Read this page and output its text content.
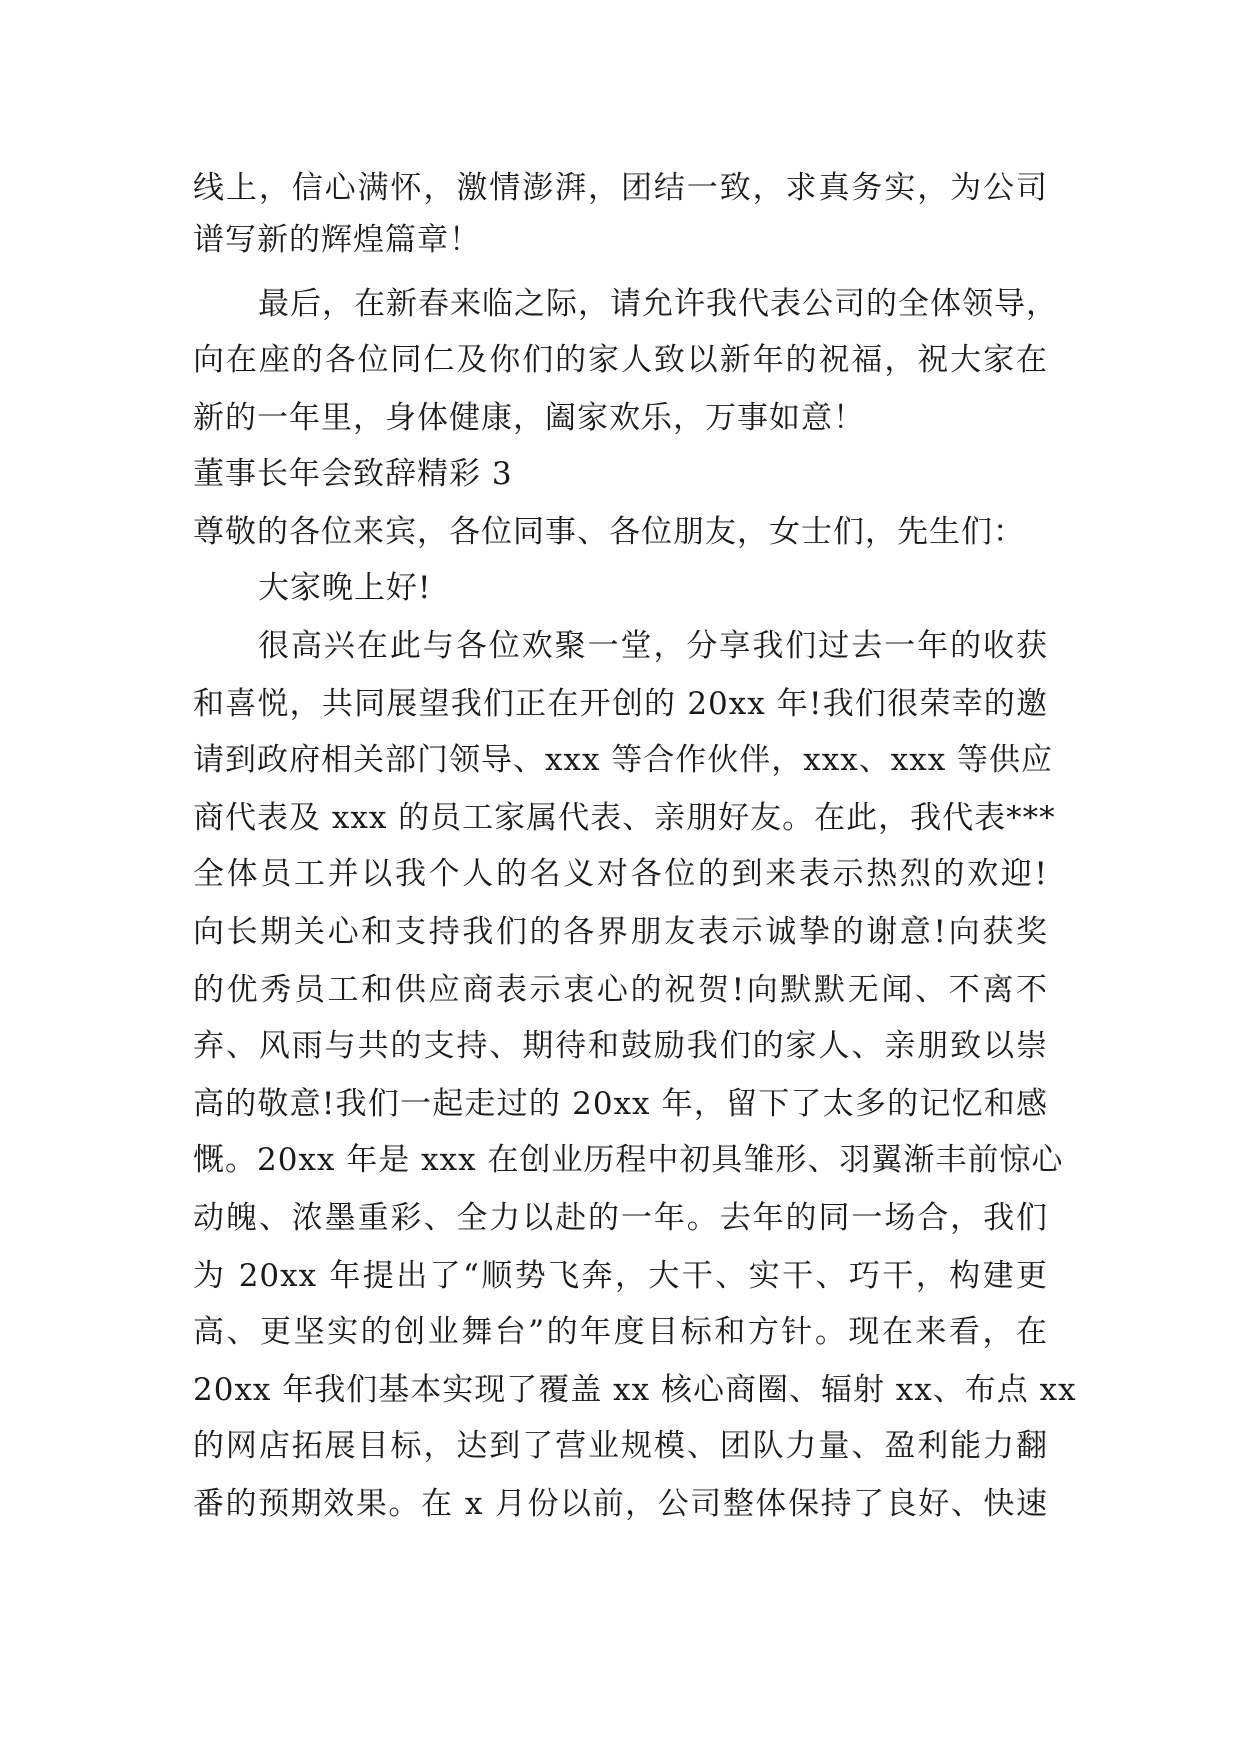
线上，信心满怀，激情澎湃，团结一致，求真务实，为公司
谱写新的辉煌篇章！
最后，在新春来临之际，请允许我代表公司的全体领导，
向在座的各位同仁及你们的家人致以新年的祝福，祝大家在
新的一年里，身体健康，阖家欢乐，万事如意！
董事长年会致辞精彩 3
尊敬的各位来宾，各位同事、各位朋友，女士们，先生们：
大家晚上好!
很高兴在此与各位欢聚一堂，分享我们过去一年的收获
和喜悦，共同展望我们正在开创的 20xx 年!我们很荣幸的邀
请到政府相关部门领导、xxx 等合作伙伴，xxx、xxx 等供应
商代表及 xxx 的员工家属代表、亲朋好友。在此，我代表***
全体员工并以我个人的名义对各位的到来表示热烈的欢迎!
向长期关心和支持我们的各界朋友表示诚挚的谢意!向获奖
的优秀员工和供应商表示衷心的祝贺!向默默无闻、不离不
弃、风雨与共的支持、期待和鼓励我们的家人、亲朋致以崇
高的敬意!我们一起走过的 20xx 年，留下了太多的记忆和感
慨。20xx 年是 xxx 在创业历程中初具雏形、羽翼渐丰前惊心
动魄、浓墨重彩、全力以赴的一年。去年的同一场合，我们
为 20xx 年提出了“顺势飞奔，大干、实干、巧干，构建更
高、更坚实的创业舞台”的年度目标和方针。现在来看，在
20xx 年我们基本实现了覆盖 xx 核心商圈、辐射 xx、布点 xx
的网店拓展目标，达到了营业规模、团队力量、盈利能力翻
番的预期效果。在 x 月份以前，公司整体保持了良好、快速
